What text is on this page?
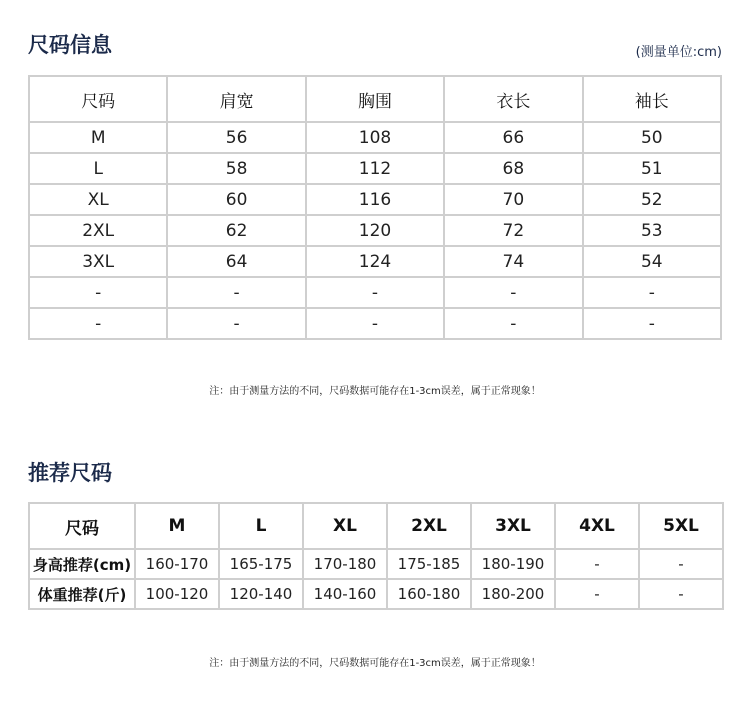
尺码信息	(测量单位:cm)
尺码	肩宽	胸围	衣长	袖长
M	56	108	66	50
L	58	112	68	51
XL	60	116	70	52
2XL	62	120	72	53
3XL	64	124	74	54
-	-	-	-	-
-	-	-	-	-
注：由于测量方法的不同，尺码数据可能存在1-3cm误差，属于正常现象！
推荐尺码
尺码	M	L	XL	2XL	3XL	4XL	5XL
身高推荐(cm)	160-170	165-175	170-180	175-185	180-190	-	-
体重推荐(斤)	100-120	120-140	140-160	160-180	180-200	-	-
注：由于测量方法的不同，尺码数据可能存在1-3cm误差，属于正常现象！
